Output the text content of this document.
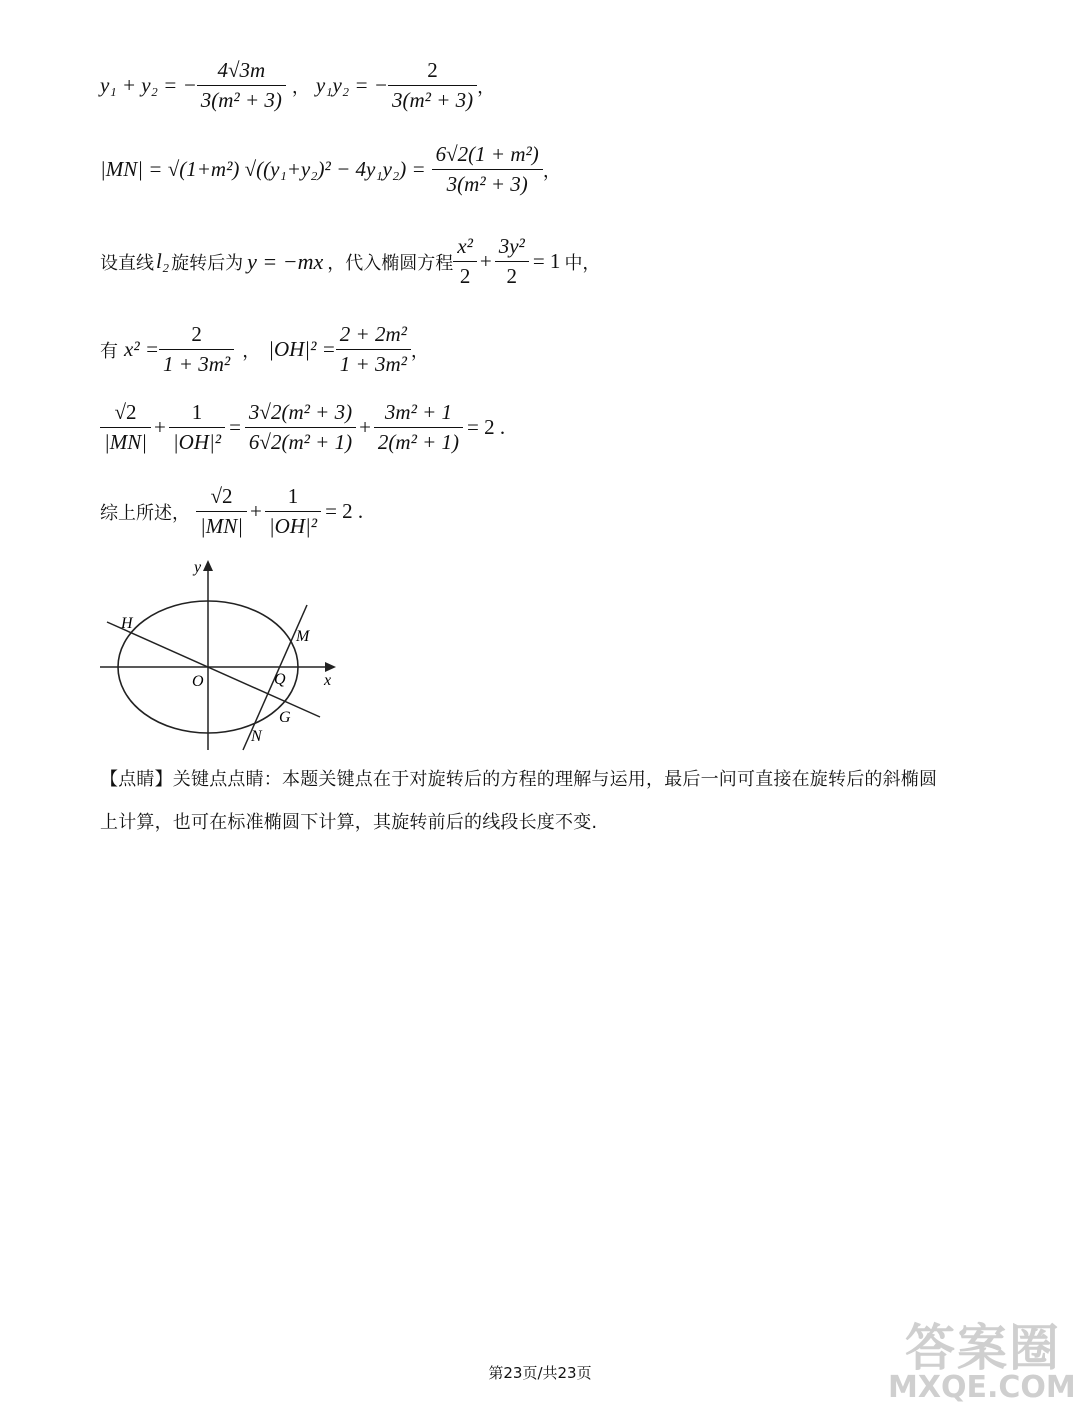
y₁ + y₂ = − $\frac{4√3m}{\text{3(m² + 3)}}$ ， y₁y₂ = − $\frac{2}{\text{3(m² + 3)}}$ ，
|MN| = √(1+m²) $√((y_1+y_2)^2 - 4y_1y_2) = \frac{\text{6√2(1 + m²)}}{\text{3(m² + 3)}}$ ，
设直线 l₂ 旋转后为 y = −mx ，代入椭圆方程 $\frac{\text{x²}}{2} + \frac{\text{3y²}}{2} = 1$ 中，
有 $x^2 = \frac{2}{\text{1 + 3m²}}$ ， $|OH|^2 = \frac{\text{2 + 2m²}}{\text{1 + 3m²}}$ ，
$\frac{√2}{|MN|} + \frac{1}{\text{|OH|²}} = \frac{\text{3√2(m² + 3)}}{\text{6√2(m² + 1)}} + \frac{\text{3m² + 1}}{\text{2(m² + 1)}} = 2$ .
综上所述， $\frac{√2}{|MN|} + \frac{1}{\text{|OH|²}} = 2$ .
y
x
O
H
M
Q
G
N
【点睛】关键点点睛：本题关键点在于对旋转后的方程的理解与运用，最后一问可直接在旋转后的斜椭圆
上计算，也可在标准椭圆下计算，其旋转前后的线段长度不变.
第23页/共23页	答案圈
MXQE.COM
